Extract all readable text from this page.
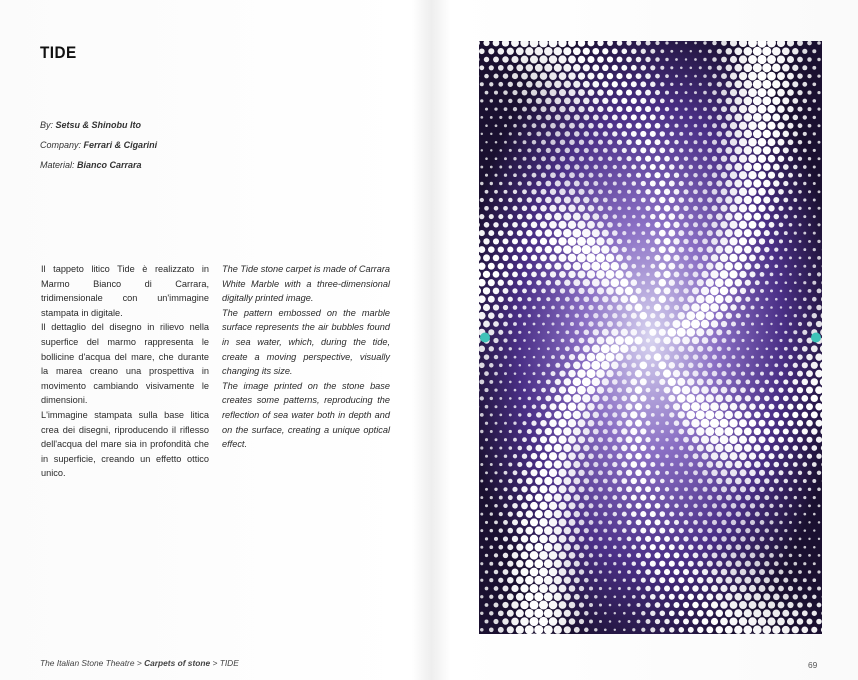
TIDE
By: Setsu & Shinobu Ito
Company: Ferrari & Cigarini
Material: Bianco Carrara

Il tappeto litico Tide è realizzato in Marmo Bianco di Carrara, tridimensionale con un'immagine stampata in digitale.

Il dettaglio del disegno in rilievo nella superfice del marmo rappresenta le bollicine d'acqua del mare, che durante la marea creano una prospettiva in movimento cambiando visivamente le dimensioni.

L'immagine stampata sulla base litica crea dei disegni, riproducendo il riflesso dell'acqua del mare sia in profondità che in superficie, creando un effetto ottico unico.

The Tide stone carpet is made of Carrara White Marble with a three-dimensional digitally printed image.

The pattern embossed on the marble surface represents the air bubbles found in sea water, which, during the tide, create a moving perspective, visually changing its size.

The image printed on the stone base creates some patterns, reproducing the reflection of sea water both in depth and on the surface, creating a unique optical effect.

The Italian Stone Theatre > Carpets of stone > TIDE	69
